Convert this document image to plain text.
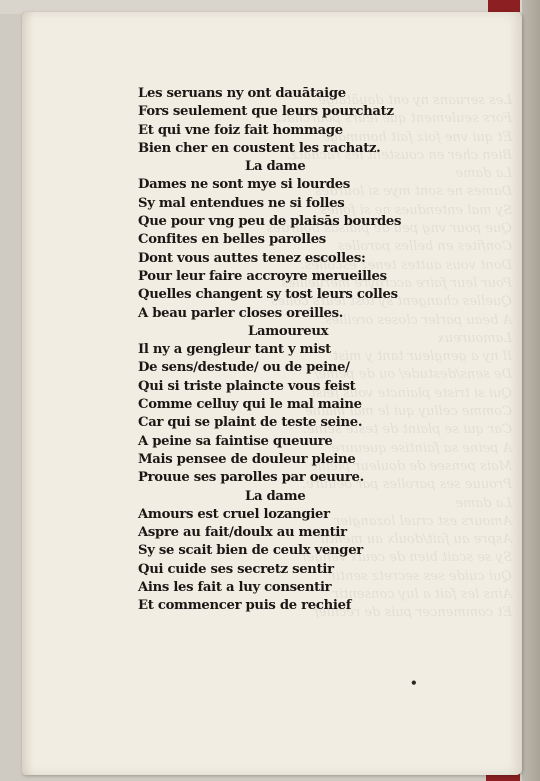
Les seruans ny ont dauātaige
Fors seulement que leurs pourchatz
Et qui vne foiz fait hommage
Bien cher en coustent les rachatz.
La dame
Dames ne sont mye si lourdes
Sy mal entendues ne si folles
Que pour vng peu de plaisās bourdes
Confites en belles parolles
Dont vous auttes tenez escolles:
Pour leur faire accroyre merueilles
Quelles changent sy tost leurs colles
A beau parler closes oreilles.
Lamoureux
Il ny a gengleur tant y mist
De sens/destude/ ou de peine/
Qui si triste plaincte vous feist
Comme celluy qui le mal maine
Car qui se plaint de teste seine.
A peine sa faintise queuure
Mais pensee de douleur pleine
Prouue ses parolles par oeuure.
La dame
Amours est cruel lozangier
Aspre au fait/doulx au mentir
Sy se scait bien de ceulx venger
Qui cuide ses secretz sentir
Ains les fait a luy consentir
Et commencer puis de rechief
Les seruans ny ont dauātaige
Fors seulement que leurs pourchatz
Et qui vne foiz fait hommage
Bien cher en coustent les rachatz.
La dame
Dames ne sont mye si lourdes
Sy mal entendues ne si folles
Que pour vng peu de plaisās bourdes
Confites en belles parolles
Dont vous auttes tenez escolles:
Pour leur faire accroyre merueilles
Quelles changent sy tost leurs colles
A beau parler closes oreilles.
Lamoureux
Il ny a gengleur tant y mist
De sens/destude/ ou de peine/
Qui si triste plaincte vous feist
Comme celluy qui le mal maine
Car qui se plaint de teste seine.
A peine sa faintise queuure
Mais pensee de douleur pleine
Prouue ses parolles par oeuure.
La dame
Amours est cruel lozangier
Aspre au fait/doulx au mentir
Sy se scait bien de ceulx venger
Qui cuide ses secretz sentir
Ains les fait a luy consentir
Et commencer puis de rechief
•
